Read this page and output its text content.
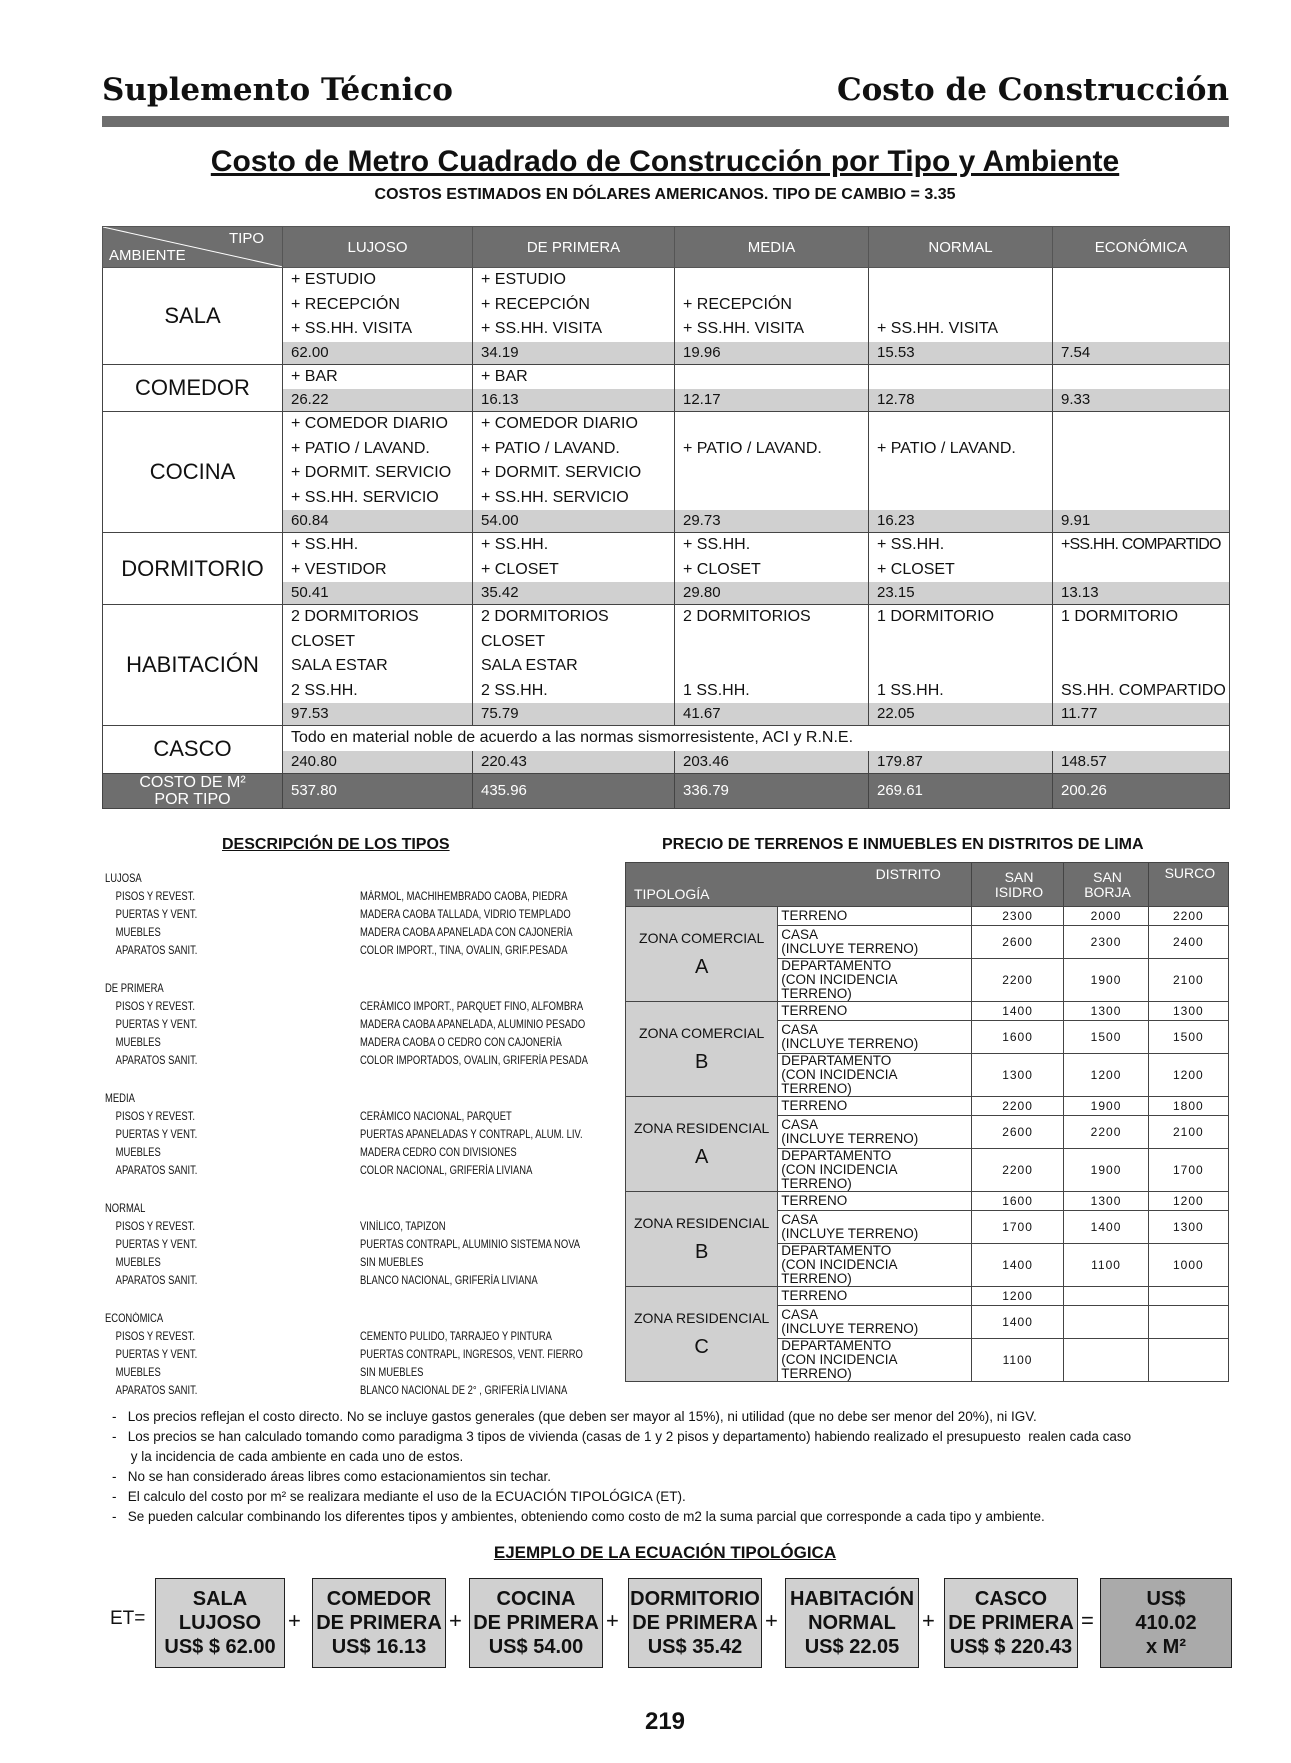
Suplemento Técnico	Costo de Construcción
Costo de Metro Cuadrado de Construcción por Tipo y Ambiente
COSTOS ESTIMADOS EN DÓLARES AMERICANOS. TIPO DE CAMBIO = 3.35
TIPO
AMBIENTE	LUJOSO	DE PRIMERA	MEDIA	NORMAL	ECONÓMICA
SALA	+ ESTUDIO	+ ESTUDIO			
	+ RECEPCIÓN	+ RECEPCIÓN	+ RECEPCIÓN		
	+ SS.HH. VISITA	+ SS.HH. VISITA	+ SS.HH. VISITA	+ SS.HH. VISITA	
	62.00	34.19	19.96	15.53	7.54
COMEDOR	+ BAR	+ BAR			
	26.22	16.13	12.17	12.78	9.33
COCINA	+ COMEDOR DIARIO	+ COMEDOR DIARIO			
	+ PATIO / LAVAND.	+ PATIO / LAVAND.	+ PATIO / LAVAND.	+ PATIO / LAVAND.	
	+ DORMIT. SERVICIO	+ DORMIT. SERVICIO			
	+ SS.HH. SERVICIO	+ SS.HH. SERVICIO			
	60.84	54.00	29.73	16.23	9.91
DORMITORIO	+ SS.HH.	+ SS.HH.	+ SS.HH.	+ SS.HH.	+SS.HH. COMPARTIDO
	+ VESTIDOR	+ CLOSET	+ CLOSET	+ CLOSET	
	50.41	35.42	29.80	23.15	13.13
HABITACIÓN	2 DORMITORIOS	2 DORMITORIOS	2 DORMITORIOS	1 DORMITORIO	1 DORMITORIO
	CLOSET	CLOSET			
	SALA ESTAR	SALA ESTAR			
	2 SS.HH.	2 SS.HH.	1 SS.HH.	1 SS.HH.	SS.HH. COMPARTIDO
	97.53	75.79	41.67	22.05	11.77
CASCO	Todo en material noble de acuerdo a las normas sismorresistente, ACI y R.N.E.				
	240.80	220.43	203.46	179.87	148.57
COSTO DE M²
POR TIPO	537.80	435.96	336.79	269.61	200.26
DESCRIPCIÓN DE LOS TIPOS	PRECIO DE TERRENOS E INMUEBLES EN DISTRITOS DE LIMA
LUJOSA
PISOS Y REVEST.	MÁRMOL, MACHIHEMBRADO CAOBA, PIEDRA
PUERTAS Y VENT.	MADERA CAOBA TALLADA, VIDRIO TEMPLADO
MUEBLES	MADERA CAOBA APANELADA CON CAJONERÍA
APARATOS SANIT.	COLOR IMPORT., TINA, OVALIN, GRIF.PESADA
DE PRIMERA
PISOS Y REVEST.	CERÁMICO IMPORT., PARQUET FINO, ALFOMBRA
PUERTAS Y VENT.	MADERA CAOBA APANELADA, ALUMINIO PESADO
MUEBLES	MADERA CAOBA O CEDRO CON CAJONERÍA
APARATOS SANIT.	COLOR IMPORTADOS, OVALIN, GRIFERÍA PESADA
MEDIA
PISOS Y REVEST.	CERÁMICO NACIONAL, PARQUET
PUERTAS Y VENT.	PUERTAS APANELADAS Y CONTRAPL, ALUM. LIV.
MUEBLES	MADERA CEDRO CON DIVISIONES
APARATOS SANIT.	COLOR NACIONAL, GRIFERÍA LIVIANA
NORMAL
PISOS Y REVEST.	VINÍLICO, TAPIZON
PUERTAS Y VENT.	PUERTAS CONTRAPL, ALUMINIO SISTEMA NOVA
MUEBLES	SIN MUEBLES
APARATOS SANIT.	BLANCO NACIONAL, GRIFERÍA LIVIANA
ECONÓMICA
PISOS Y REVEST.	CEMENTO PULIDO, TARRAJEO Y PINTURA
PUERTAS Y VENT.	PUERTAS CONTRAPL, INGRESOS, VENT. FIERRO
MUEBLES	SIN MUEBLES
APARATOS SANIT.	BLANCO NACIONAL DE 2° , GRIFERÍA LIVIANA
TIPOLOGÍA
DISTRITO		SAN
ISIDRO	SAN
BORJA	SURCO

ZONA COMERCIAL
A	TERRENO	2300	2000	2200
	CASA
(INCLUYE TERRENO)	2600	2300	2400
	DEPARTAMENTO
(CON INCIDENCIA TERRENO)	2200	1900	2100

ZONA COMERCIAL
B	TERRENO	1400	1300	1300
	CASA
(INCLUYE TERRENO)	1600	1500	1500
	DEPARTAMENTO
(CON INCIDENCIA TERRENO)	1300	1200	1200

ZONA RESIDENCIAL
A	TERRENO	2200	1900	1800
	CASA
(INCLUYE TERRENO)	2600	2200	2100
	DEPARTAMENTO
(CON INCIDENCIA TERRENO)	2200	1900	1700

ZONA RESIDENCIAL
B	TERRENO	1600	1300	1200
	CASA
(INCLUYE TERRENO)	1700	1400	1300
	DEPARTAMENTO
(CON INCIDENCIA TERRENO)	1400	1100	1000

ZONA RESIDENCIAL
C	TERRENO	1200		
	CASA
(INCLUYE TERRENO)	1400		
	DEPARTAMENTO
(CON INCIDENCIA TERRENO)	1100		
-   Los precios reflejan el costo directo. No se incluye gastos generales (que deben ser mayor al 15%), ni utilidad (que no debe ser menor del 20%), ni IGV.
-   Los precios se han calculado tomando como paradigma 3 tipos de vivienda (casas de 1 y 2 pisos y departamento) habiendo realizado el presupuesto  realen cada caso
y la incidencia de cada ambiente en cada uno de estos.
-   No se han considerado áreas libres como estacionamientos sin techar.
-   El calculo del costo por m² se realizara mediante el uso de la ECUACIÓN TIPOLÓGICA (ET).
-   Se pueden calcular combinando los diferentes tipos y ambientes, obteniendo como costo de m2 la suma parcial que corresponde a cada tipo y ambiente.
EJEMPLO DE LA ECUACIÓN TIPOLÓGICA
ET=
SALA
LUJOSO
US$ $ 62.00
+
COMEDOR
DE PRIMERA
US$ 16.13
+
COCINA
DE PRIMERA
US$ 54.00
+
DORMITORIO
DE PRIMERA
US$ 35.42
+
HABITACIÓN
NORMAL
US$ 22.05
+
CASCO
DE PRIMERA
US$ $ 220.43
=
US$
410.02
x M²
219
